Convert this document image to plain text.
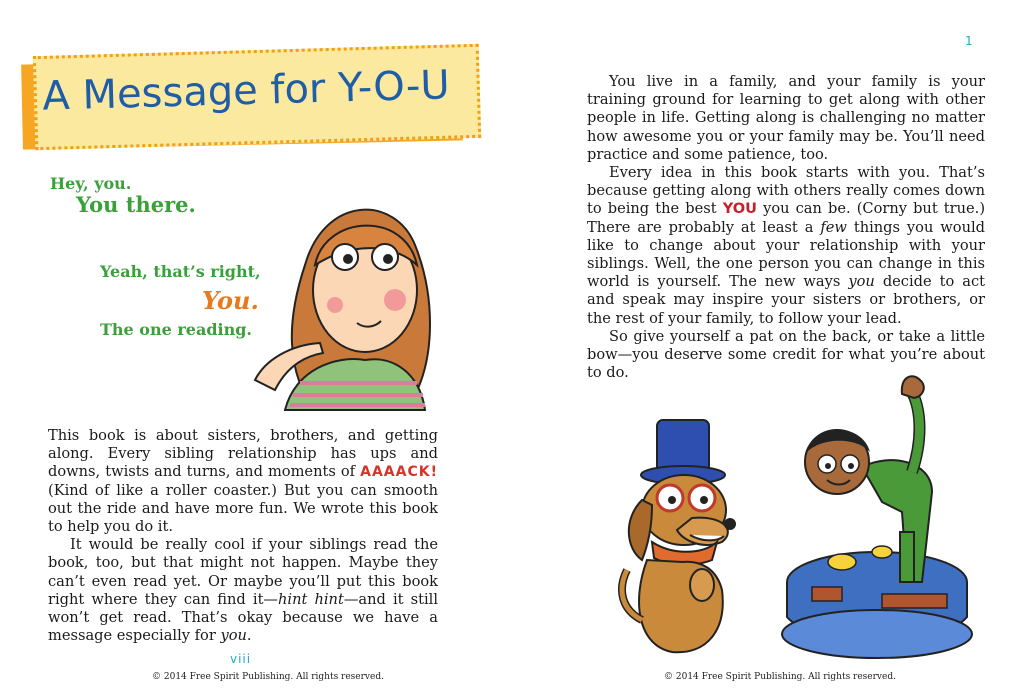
A Message for Y-O-U
Hey, you.
You there.
Yeah, that’s right,
You.
The one reading.

This book is about sisters, brothers, and getting along. Every sibling relationship has ups and downs, twists and turns, and moments of AAAACK! (Kind of like a roller coaster.) But you can smooth out the ride and have more fun. We wrote this book to help you do it.

It would be really cool if your siblings read the book, too, but that might not happen. Maybe they can’t even read yet. Or maybe you’ll put this book right where they can find it—hint hint—and it still won’t get read. That’s okay because we have a message especially for you.

viii
© 2014 Free Spirit Publishing. All rights reserved.
1

You live in a family, and your family is your training ground for learning to get along with other people in life. Getting along is challenging no matter how awesome you or your family may be. You’ll need practice and some patience, too.

Every idea in this book starts with you. That’s because getting along with others really comes down to being the best YOU you can be. (Corny but true.) There are probably at least a few things you would like to change about your relationship with your siblings. Well, the one person you can change in this world is yourself. The new ways you decide to act and speak may inspire your sisters or brothers, or the rest of your family, to follow your lead.

So give yourself a pat on the back, or take a little bow—you deserve some credit for what you’re about to do.

© 2014 Free Spirit Publishing. All rights reserved.
